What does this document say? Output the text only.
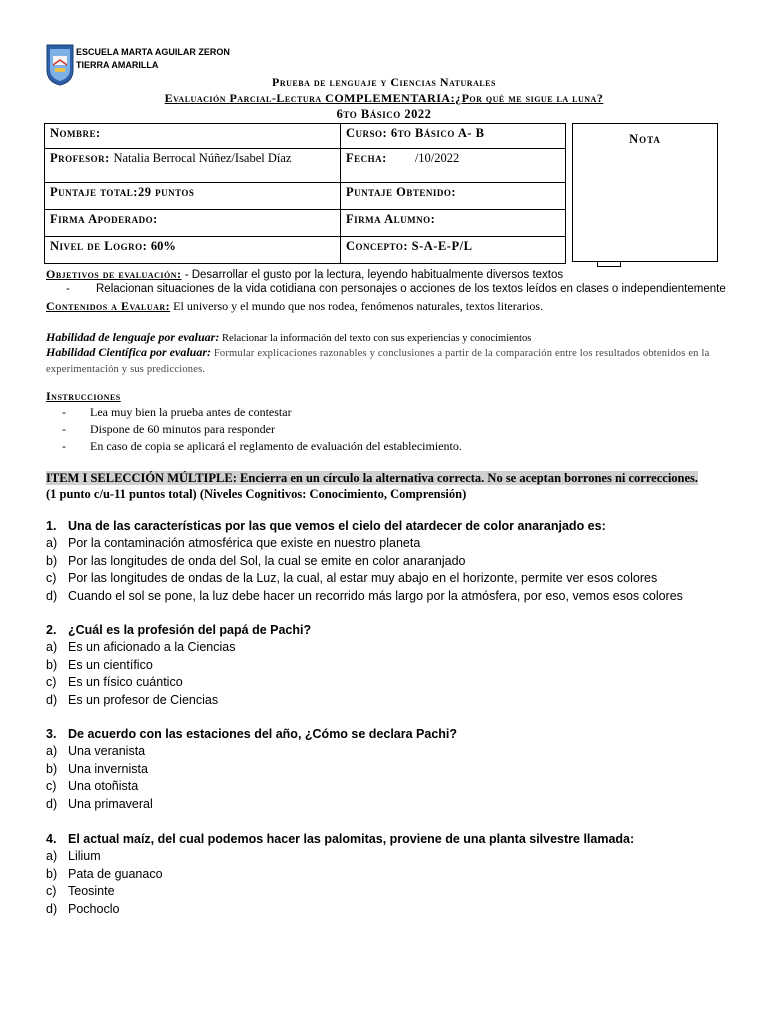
ESCUELA MARTA AGUILAR ZERON
TIERRA AMARILLA
Prueba de lenguaje y Ciencias Naturales
Evaluación Parcial-Lectura COMPLEMENTARIA:¿Por qué me sigue la luna?
6to Básico 2022
Nombre:	Curso: 6to Básico A- B
Profesor: Natalia Berrocal Núñez/Isabel Díaz	Fecha: /10/2022
Puntaje total:29 puntos	Puntaje Obtenido:
Firma Apoderado:	Firma Alumno:
Nivel de Logro: 60%	Concepto: S-A-E-P/L
Nota
Objetivos de evaluación: - Desarrollar el gusto por la lectura, leyendo habitualmente diversos textos
- Relacionan situaciones de la vida cotidiana con personajes o acciones de los textos leídos en clases o independientemente
Contenidos a Evaluar: El universo y el mundo que nos rodea, fenómenos naturales, textos literarios.
Habilidad de lenguaje por evaluar: Relacionar la información del texto con sus experiencias y conocimientos
Habilidad Científica por evaluar: Formular explicaciones razonables y conclusiones a partir de la comparación entre los resultados obtenidos en la experimentación y sus predicciones.
Instrucciones
- Lea muy bien la prueba antes de contestar
- Dispone de 60 minutos para responder
- En caso de copia se aplicará el reglamento de evaluación del establecimiento.
ITEM I SELECCIÓN MÚLTIPLE: Encierra en un círculo la alternativa correcta. No se aceptan borrones ni correcciones.
(1 punto c/u-11 puntos total) (Niveles Cognitivos: Conocimiento, Comprensión)
1. Una de las características por las que vemos el cielo del atardecer de color anaranjado es:
a) Por la contaminación atmosférica que existe en nuestro planeta
b) Por las longitudes de onda del Sol, la cual se emite en color anaranjado
c) Por las longitudes de ondas de la Luz, la cual, al estar muy abajo en el horizonte, permite ver esos colores
d) Cuando el sol se pone, la luz debe hacer un recorrido más largo por la atmósfera, por eso, vemos esos colores
2. ¿Cuál es la profesión del papá de Pachi?
a) Es un aficionado a la Ciencias
b) Es un científico
c) Es un físico cuántico
d) Es un profesor de Ciencias
3. De acuerdo con las estaciones del año, ¿Cómo se declara Pachi?
a) Una veranista
b) Una invernista
c) Una otoñista
d) Una primaveral
4. El actual maíz, del cual podemos hacer las palomitas, proviene de una planta silvestre llamada:
a) Lilium
b) Pata de guanaco
c) Teosinte
d) Pochoclo
